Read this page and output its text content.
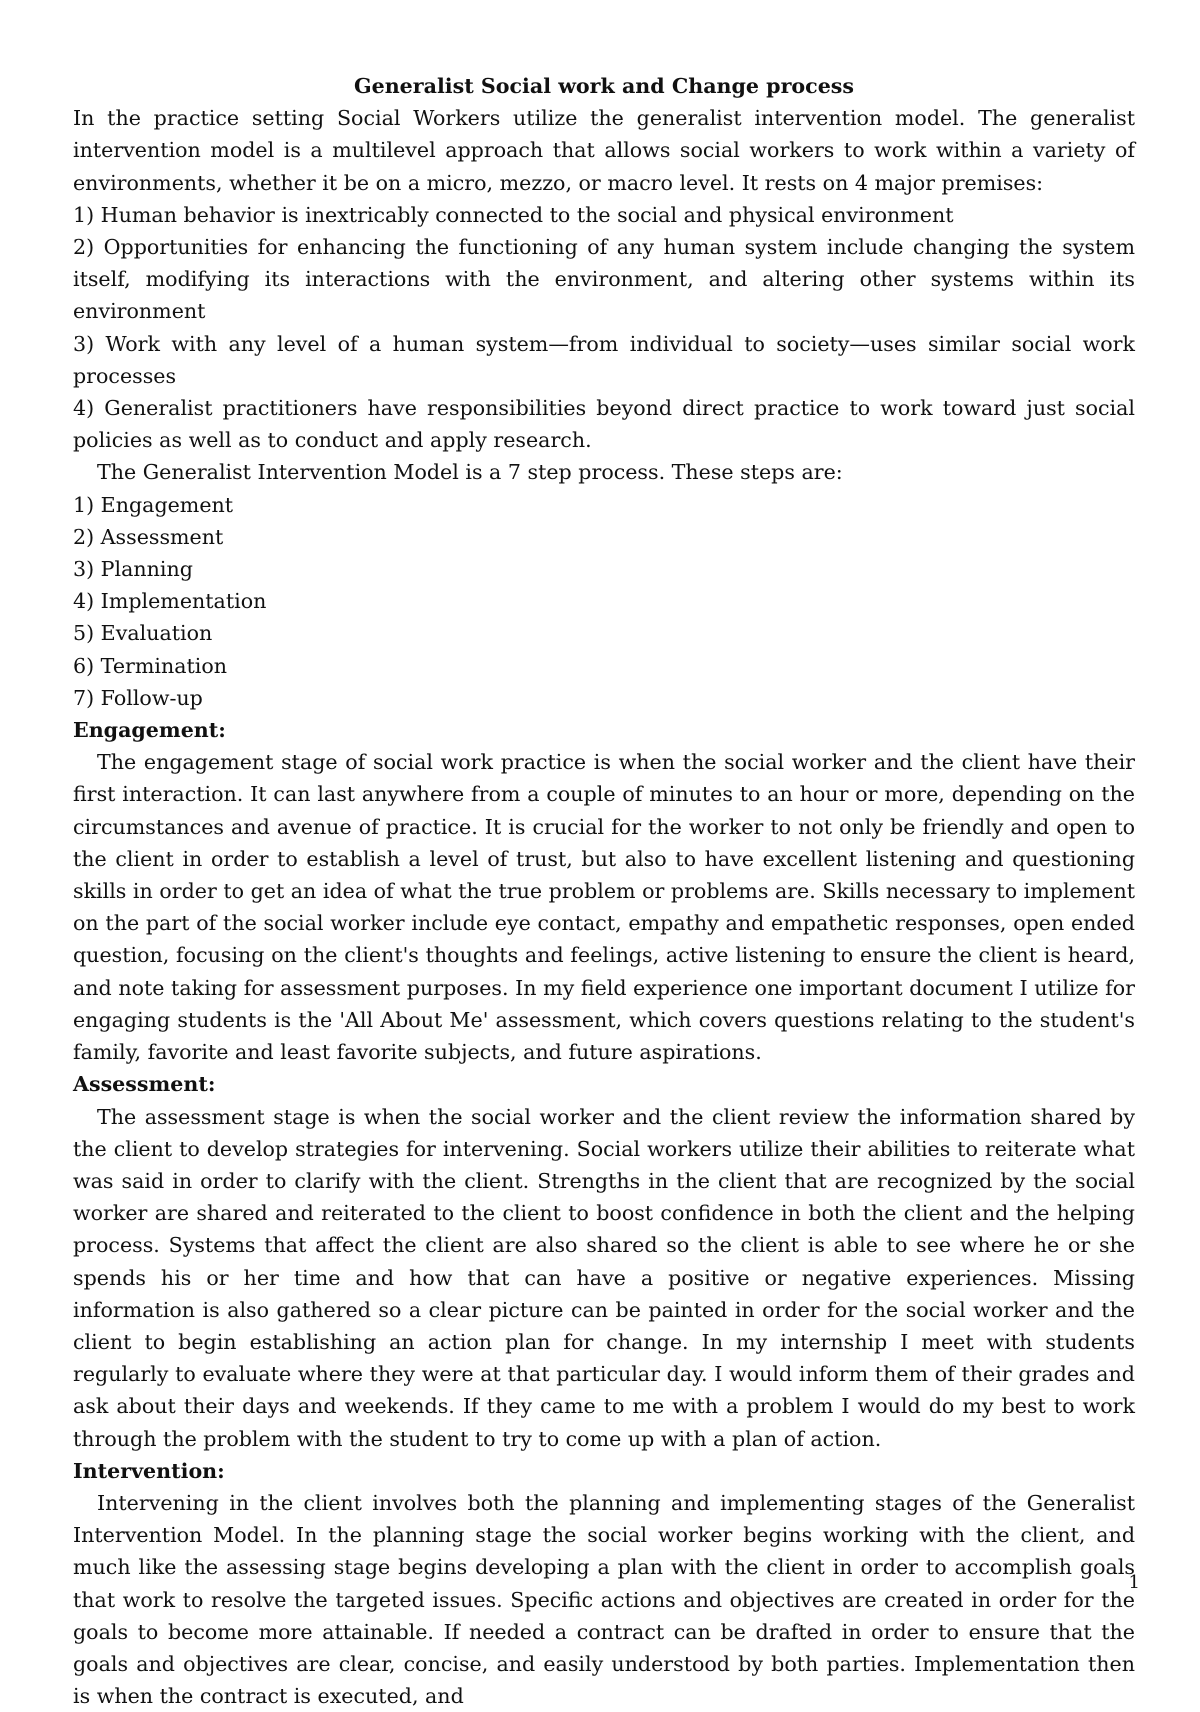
Generalist Social work and Change process

In the practice setting Social Workers utilize the generalist intervention model. The generalist intervention model is a multilevel approach that allows social workers to work within a variety of environments, whether it be on a micro, mezzo, or macro level. It rests on 4 major premises:

1) Human behavior is inextricably connected to the social and physical environment

2) Opportunities for enhancing the functioning of any human system include changing the system itself, modifying its interactions with the environment, and altering other systems within its environment

3) Work with any level of a human system—from individual to society—uses similar social work processes

4) Generalist practitioners have responsibilities beyond direct practice to work toward just social policies as well as to conduct and apply research.

The Generalist Intervention Model is a 7 step process. These steps are:

1) Engagement

2) Assessment

3) Planning

4) Implementation

5) Evaluation

6) Termination

7) Follow-up

Engagement:

The engagement stage of social work practice is when the social worker and the client have their first interaction. It can last anywhere from a couple of minutes to an hour or more, depending on the circumstances and avenue of practice. It is crucial for the worker to not only be friendly and open to the client in order to establish a level of trust, but also to have excellent listening and questioning skills in order to get an idea of what the true problem or problems are. Skills necessary to implement on the part of the social worker include eye contact, empathy and empathetic responses, open ended question, focusing on the client's thoughts and feelings, active listening to ensure the client is heard, and note taking for assessment purposes. In my field experience one important document I utilize for engaging students is the 'All About Me' assessment, which covers questions relating to the student's family, favorite and least favorite subjects, and future aspirations.

Assessment:

The assessment stage is when the social worker and the client review the information shared by the client to develop strategies for intervening. Social workers utilize their abilities to reiterate what was said in order to clarify with the client. Strengths in the client that are recognized by the social worker are shared and reiterated to the client to boost confidence in both the client and the helping process. Systems that affect the client are also shared so the client is able to see where he or she spends his or her time and how that can have a positive or negative experiences. Missing information is also gathered so a clear picture can be painted in order for the social worker and the client to begin establishing an action plan for change. In my internship I meet with students regularly to evaluate where they were at that particular day. I would inform them of their grades and ask about their days and weekends. If they came to me with a problem I would do my best to work through the problem with the student to try to come up with a plan of action.

Intervention:

Intervening in the client involves both the planning and implementing stages of the Generalist Intervention Model. In the planning stage the social worker begins working with the client, and much like the assessing stage begins developing a plan with the client in order to accomplish goals that work to resolve the targeted issues. Specific actions and objectives are created in order for the goals to become more attainable. If needed a contract can be drafted in order to ensure that the goals and objectives are clear, concise, and easily understood by both parties. Implementation then is when the contract is executed, and

1
